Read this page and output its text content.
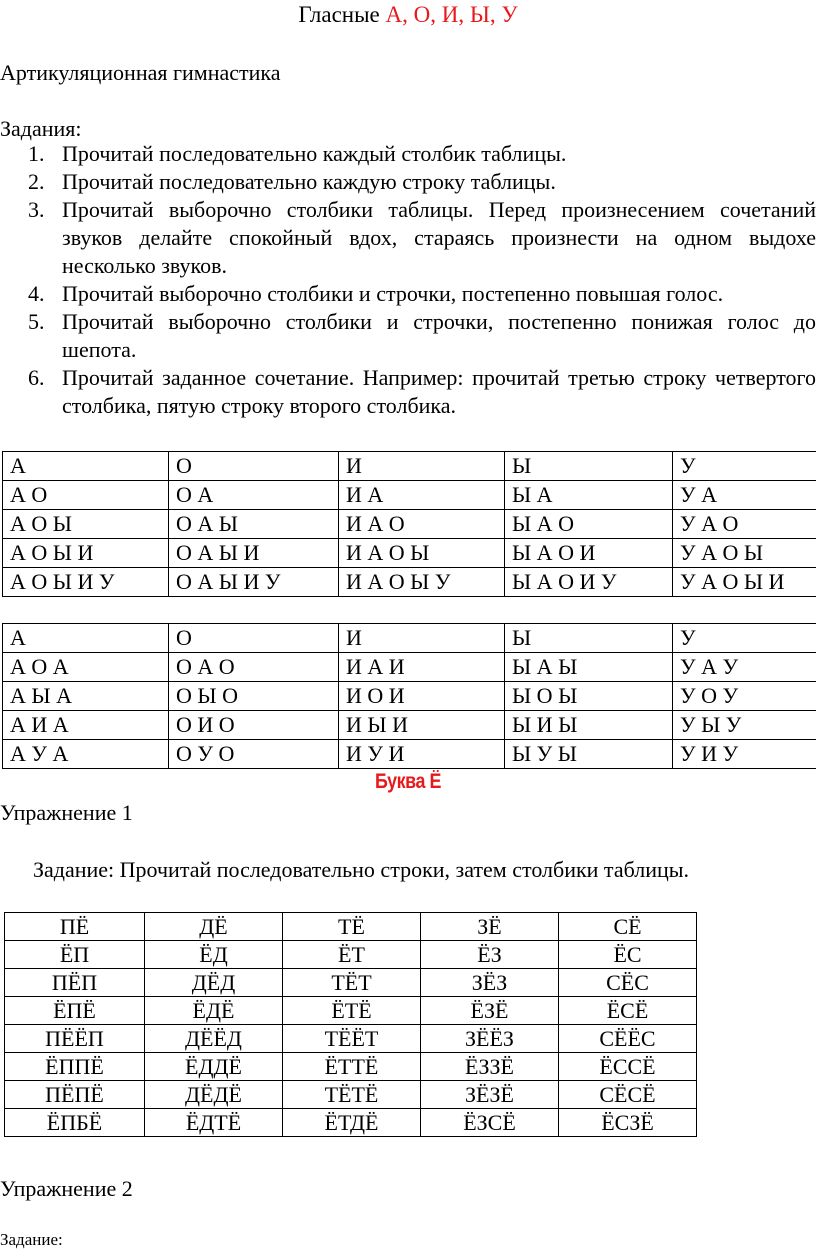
Гласные А, О, И, Ы, У
Артикуляционная гимнастика
Задания:
1. Прочитай последовательно каждый столбик таблицы.
2. Прочитай последовательно каждую строку таблицы.
3. Прочитай выборочно столбики таблицы. Перед произнесением сочетаний звуков делайте спокойный вдох, стараясь произнести на одном выдохе несколько звуков.
4. Прочитай выборочно столбики и строчки, постепенно повышая голос.
5. Прочитай выборочно столбики и строчки, постепенно понижая голос до шепота.
6. Прочитай заданное сочетание. Например: прочитай третью строку четвертого столбика, пятую строку второго столбика.
А	О	И	Ы	У
А О	О А	И А	Ы А	У А
А О Ы	О А Ы	И А О	Ы А О	У А О
А О Ы И	О А Ы И	И А О Ы	Ы А О И	У А О Ы
А О Ы И У	О А Ы И У	И А О Ы У	Ы А О И У	У А О Ы И
А	О	И	Ы	У
А О А	О А О	И А И	Ы А Ы	У А У
А Ы А	О Ы О	И О И	Ы О Ы	У О У
А И А	О И О	И Ы И	Ы И Ы	У Ы У
А У А	О У О	И У И	Ы У Ы	У И У
Буква Ё
Упражнение 1
Задание: Прочитай последовательно строки, затем столбики таблицы.
ПЁ	ДЁ	ТЁ	ЗЁ	СЁ
ЁП	ЁД	ЁТ	ЁЗ	ЁС
ПЁП	ДЁД	ТЁТ	ЗЁЗ	СЁС
ЁПЁ	ЁДЁ	ЁТЁ	ЁЗЁ	ЁСЁ
ПЁЁП	ДЁЁД	ТЁЁТ	ЗЁЁЗ	СЁЁС
ЁППЁ	ЁДДЁ	ЁТТЁ	ЁЗЗЁ	ЁССЁ
ПЁПЁ	ДЁДЁ	ТЁТЁ	ЗЁЗЁ	СЁСЁ
ЁПБЁ	ЁДТЁ	ЁТДЁ	ЁЗСЁ	ЁСЗЁ
Упражнение 2
Задание:
